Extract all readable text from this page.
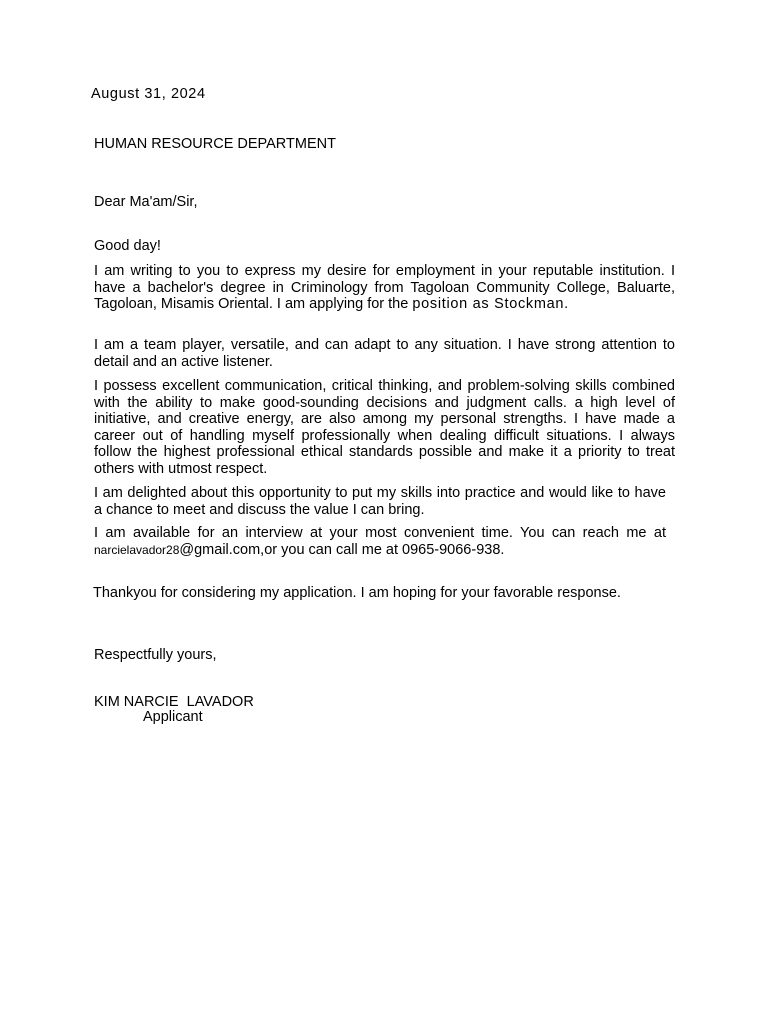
August 31, 2024
HUMAN RESOURCE DEPARTMENT
Dear Ma'am/Sir,
Good day!
I am writing to you to express my desire for employment in your reputable institution. I have a bachelor's degree in Criminology from Tagoloan Community College, Baluarte, Tagoloan, Misamis Oriental. I am applying for the position as Stockman.
I am a team player, versatile, and can adapt to any situation. I have strong attention to detail and an active listener.
I possess excellent communication, critical thinking, and problem-solving skills combined with the ability to make good-sounding decisions and judgment calls. a high level of initiative, and creative energy, are also among my personal strengths. I have made a career out of handling myself professionally when dealing difficult situations. I always follow the highest professional ethical standards possible and make it a priority to treat others with utmost respect.
I am delighted about this opportunity to put my skills into practice and would like to have a chance to meet and discuss the value I can bring.
I am available for an interview at your most convenient time. You can reach me at narcielavador28@gmail.com,or you can call me at 0965-9066-938.
Thankyou for considering my application. I am hoping for your favorable response.
Respectfully yours,
KIM NARCIE  LAVADOR
Applicant
